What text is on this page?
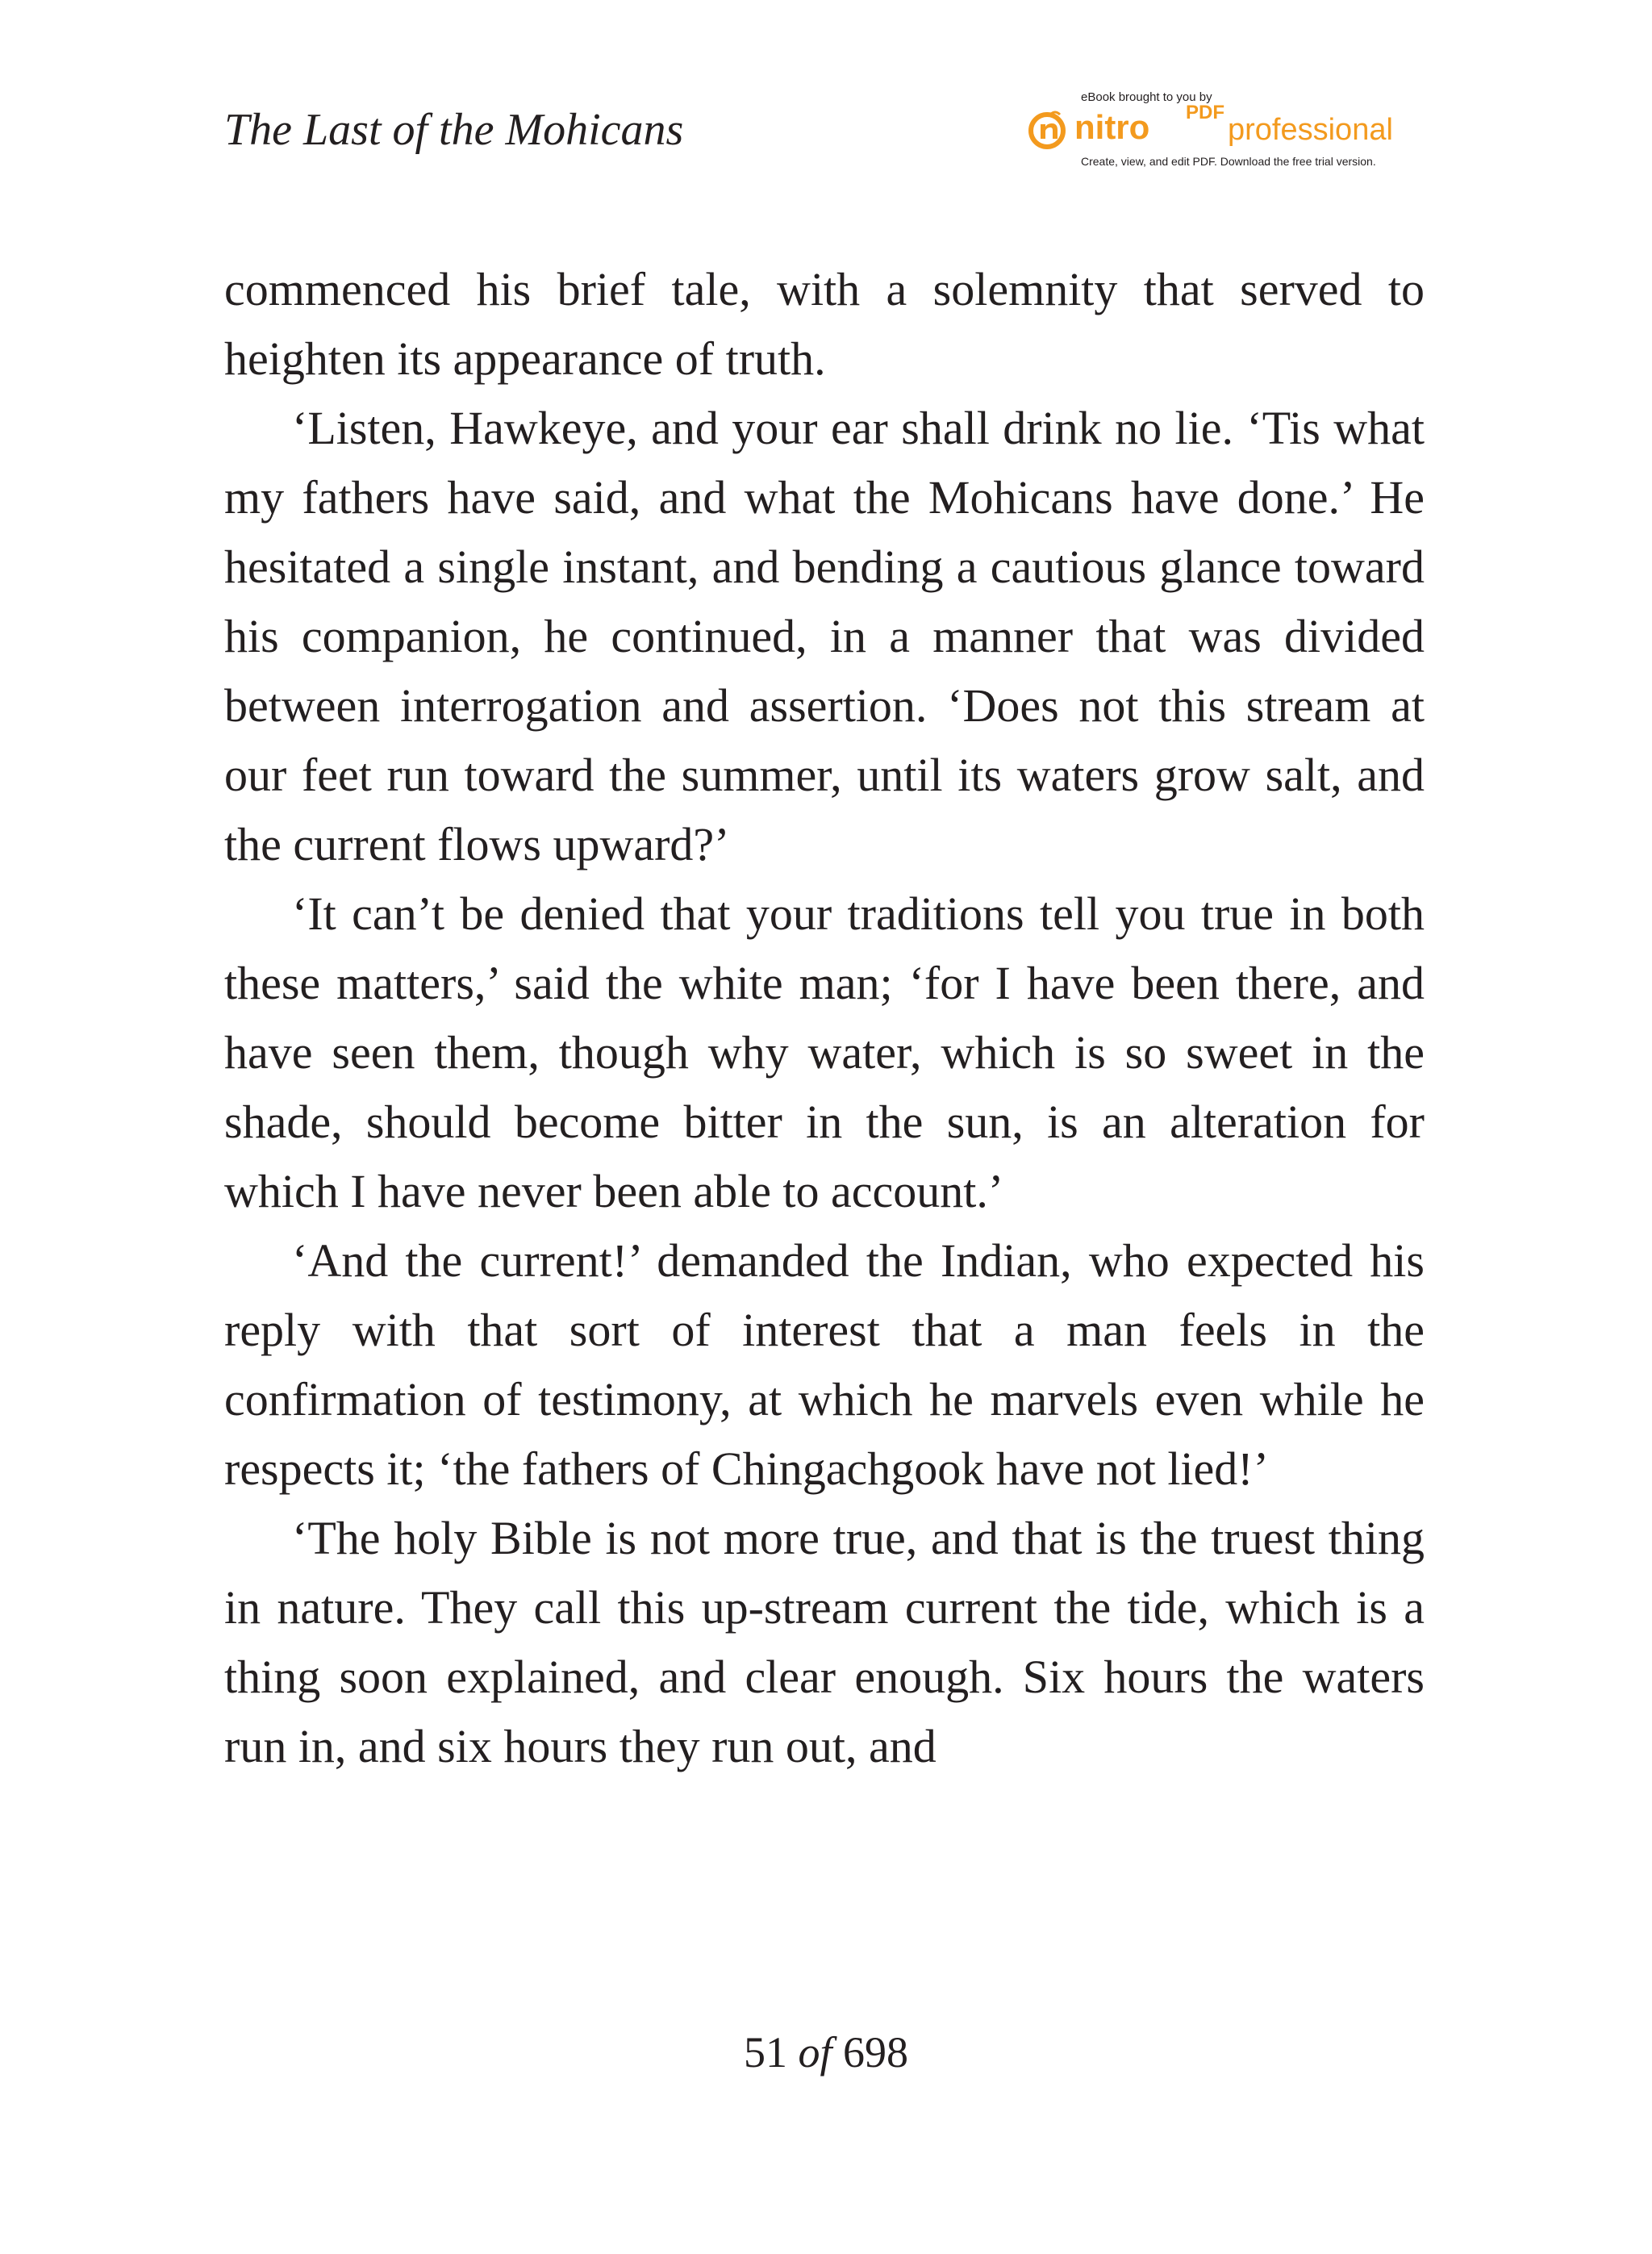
The Last of the Mohicans
eBook brought to you by
nitro PDF
professional
Create, view, and edit PDF. Download the free trial version.

commenced his brief tale, with a solemnity that served to heighten its appearance of truth.

‘Listen, Hawkeye, and your ear shall drink no lie. ‘Tis what my fathers have said, and what the Mohicans have done.’ He hesitated a single instant, and bending a cautious glance toward his companion, he continued, in a manner that was divided between interrogation and assertion. ‘Does not this stream at our feet run toward the summer, until its waters grow salt, and the current flows upward?’

‘It can’t be denied that your traditions tell you true in both these matters,’ said the white man; ‘for I have been there, and have seen them, though why water, which is so sweet in the shade, should become bitter in the sun, is an alteration for which I have never been able to account.’

‘And the current!’ demanded the Indian, who expected his reply with that sort of interest that a man feels in the confirmation of testimony, at which he marvels even while he respects it; ‘the fathers of Chingachgook have not lied!’

‘The holy Bible is not more true, and that is the truest thing in nature. They call this up-stream current the tide, which is a thing soon explained, and clear enough. Six hours the waters run in, and six hours they run out, and

51 of 698
